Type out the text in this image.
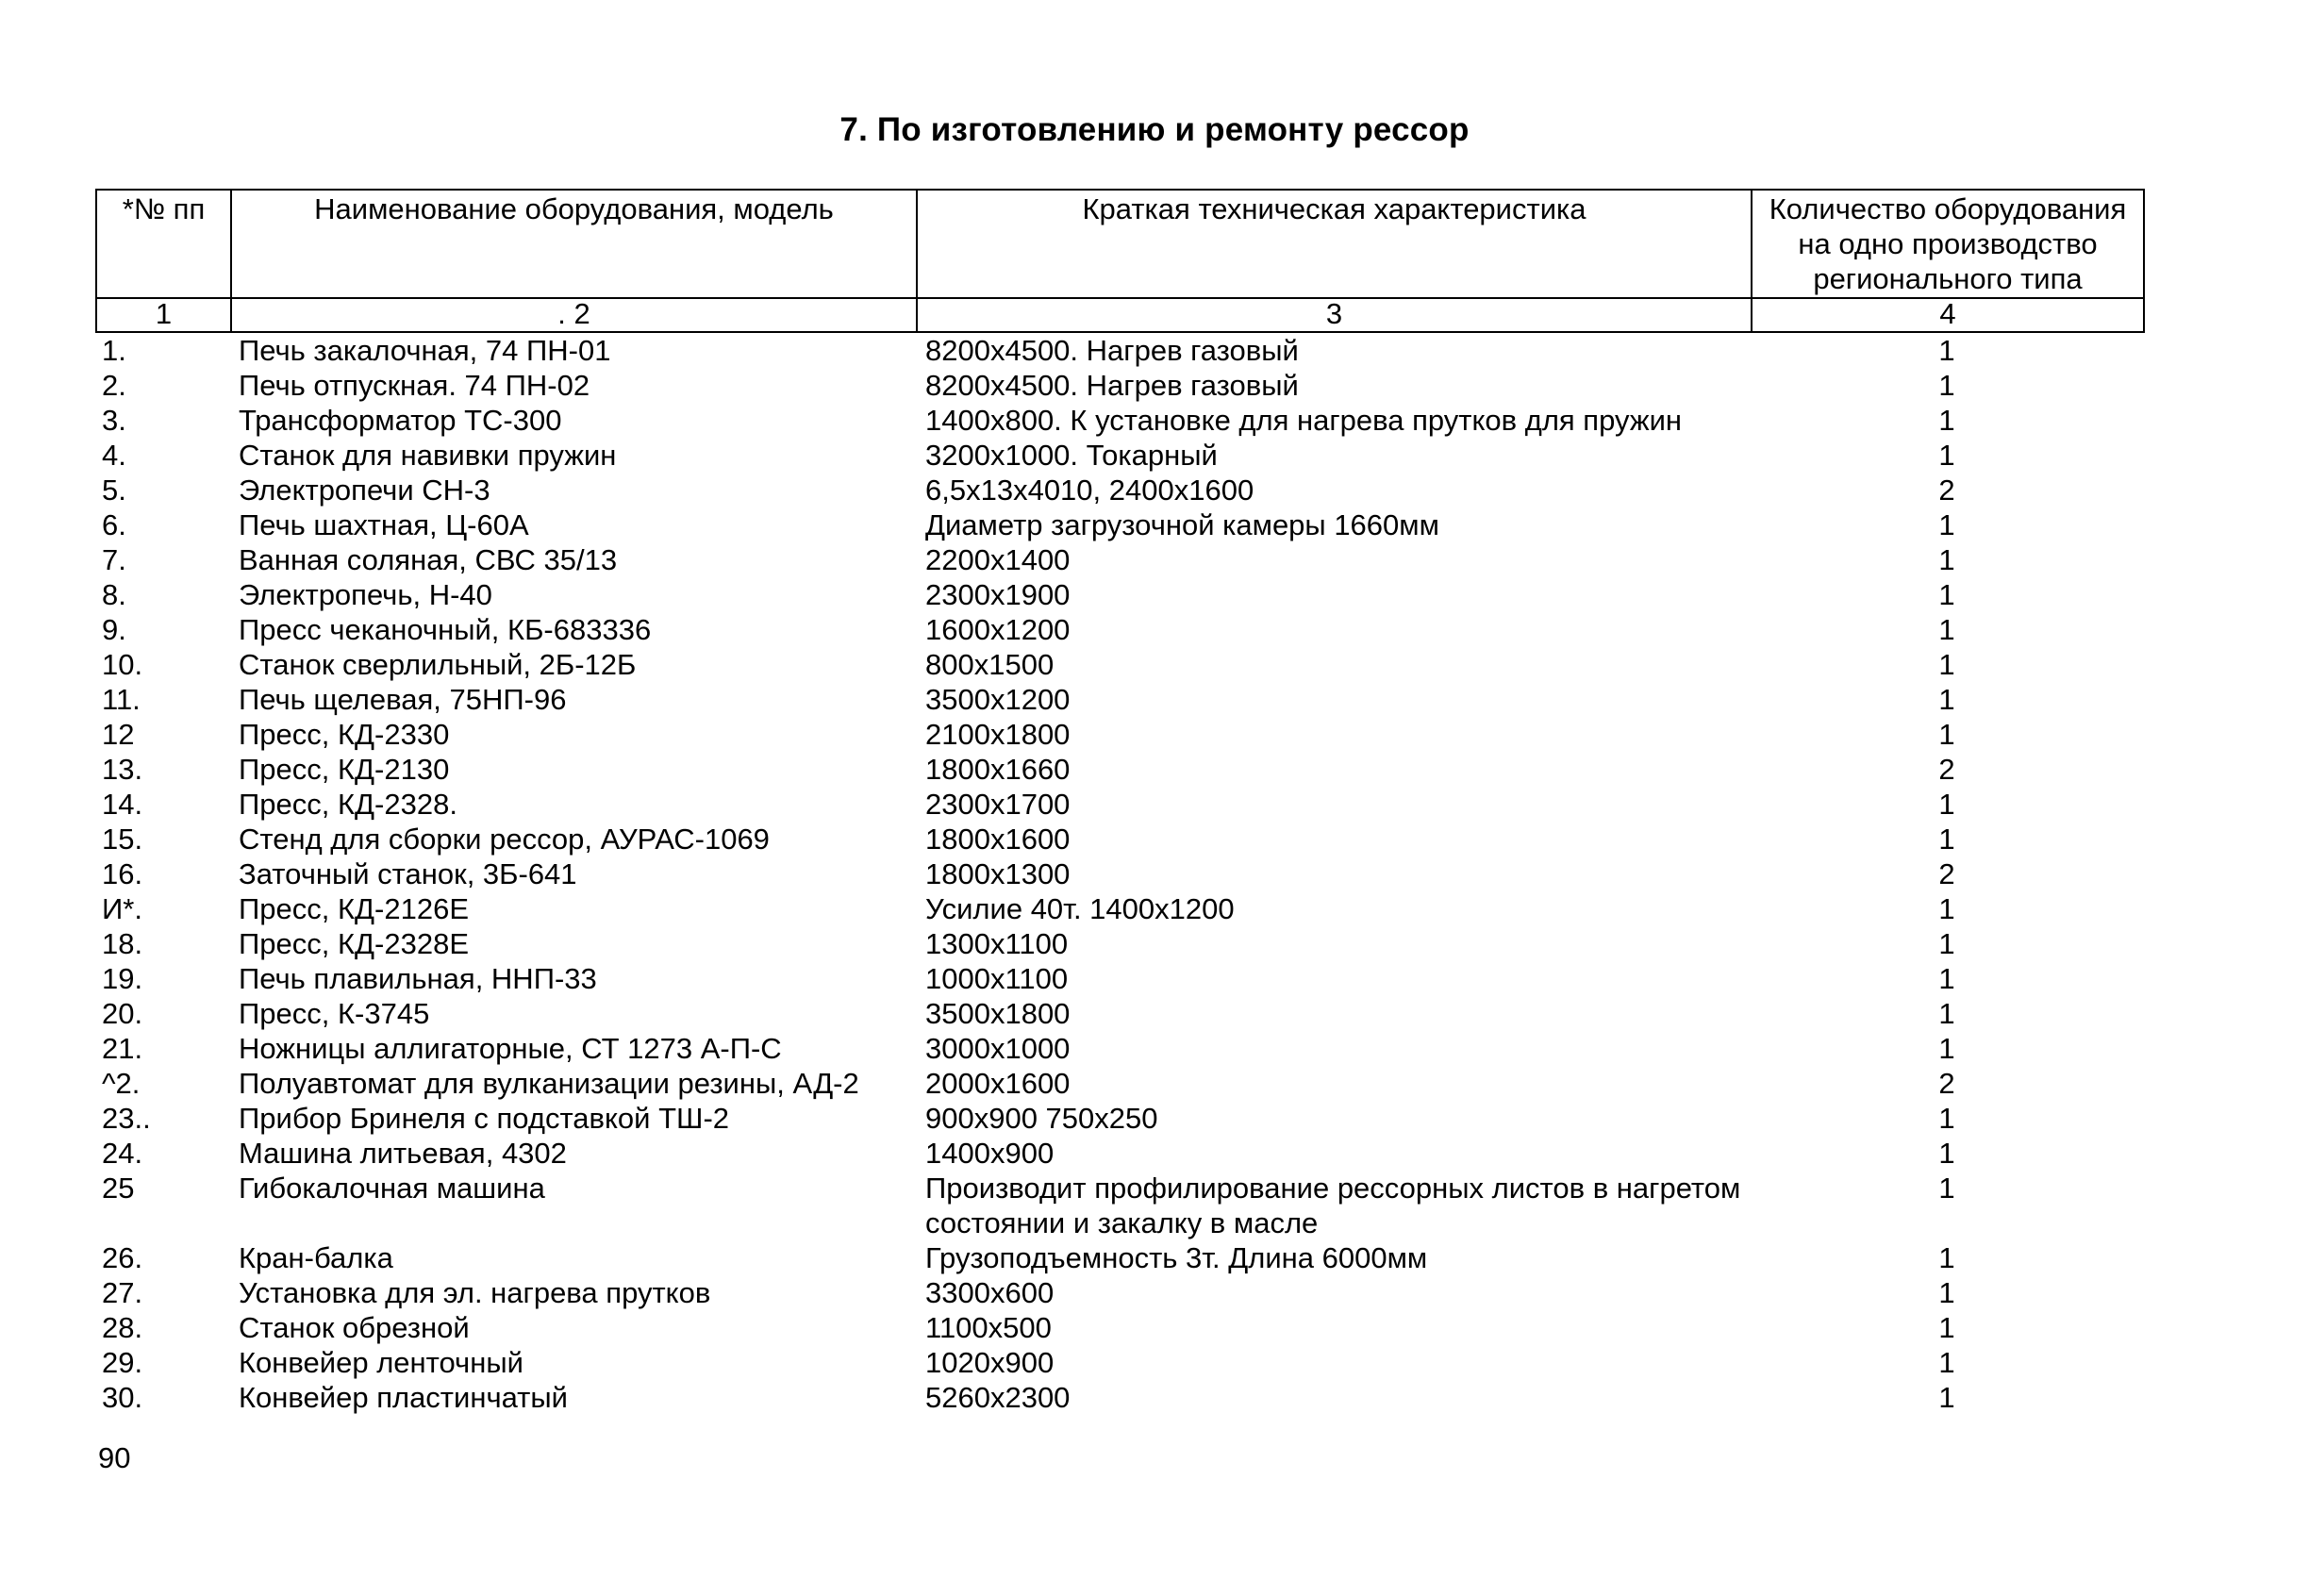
7. По изготовлению и ремонту рессор
*№ пп	Наименование оборудования, модель	Краткая техническая характеристика	Количество оборудования
на одно производство
регионального типа

1	. 2	3	4
1.	Печь закалочная, 74 ПН-01	8200x4500. Нагрев газовый	1
2.	Печь отпускная. 74 ПН-02	8200x4500. Нагрев газовый	1
3.	Трансформатор ТС-300	1400x800. К установке для нагрева прутков для пружин	1
4.	Станок для навивки пружин	3200x1000. Токарный	1
5.	Электропечи СН-3	6,5x13x4010, 2400x1600	2
6.	Печь шахтная, Ц-60А	Диаметр загрузочной камеры 1660мм	1
7.	Ванная соляная, СВС 35/13	2200x1400	1
8.	Электропечь, Н-40	2300x1900	1
9.	Пресс чеканочный, КБ-683336	1600x1200	1
10.	Станок сверлильный, 2Б-12Б	800x1500	1
11.	Печь щелевая, 75НП-96	3500x1200	1
12	Пресс, КД-2330	2100x1800	1
13.	Пресс, КД-2130	1800x1660	2
14.	Пресс, КД-2328.	2300x1700	1
15.	Стенд для сборки рессор, АУРАС-1069	1800x1600	1
16.	Заточный станок, 3Б-641	1800x1300	2
И*.	Пресс, КД-2126Е	Усилие 40т. 1400x1200	1
18.	Пресс, КД-2328Е	1300x1100	1
19.	Печь плавильная, ННП-33	1000x1100	1
20.	Пресс, К-3745	3500x1800	1
21.	Ножницы аллигаторные, СТ 1273 А-П-С	3000x1000	1
^2.	Полуавтомат для вулканизации резины, АД-2	2000x1600	2
23..	Прибор Бринеля с подставкой ТШ-2	900x900 750x250	1
24.	Машина литьевая, 4302	1400x900	1
25	Гибокалочная машина	Производит профилирование рессорных листов в нагретом состоянии и закалку в масле	1
26.	Кран-балка	Грузоподъемность 3т. Длина 6000мм	1
27.	Установка для эл. нагрева прутков	3300x600	1
28.	Станок обрезной	1100x500	1
29.	Конвейер ленточный	1020x900	1
30.	Конвейер пластинчатый	5260x2300	1
90
